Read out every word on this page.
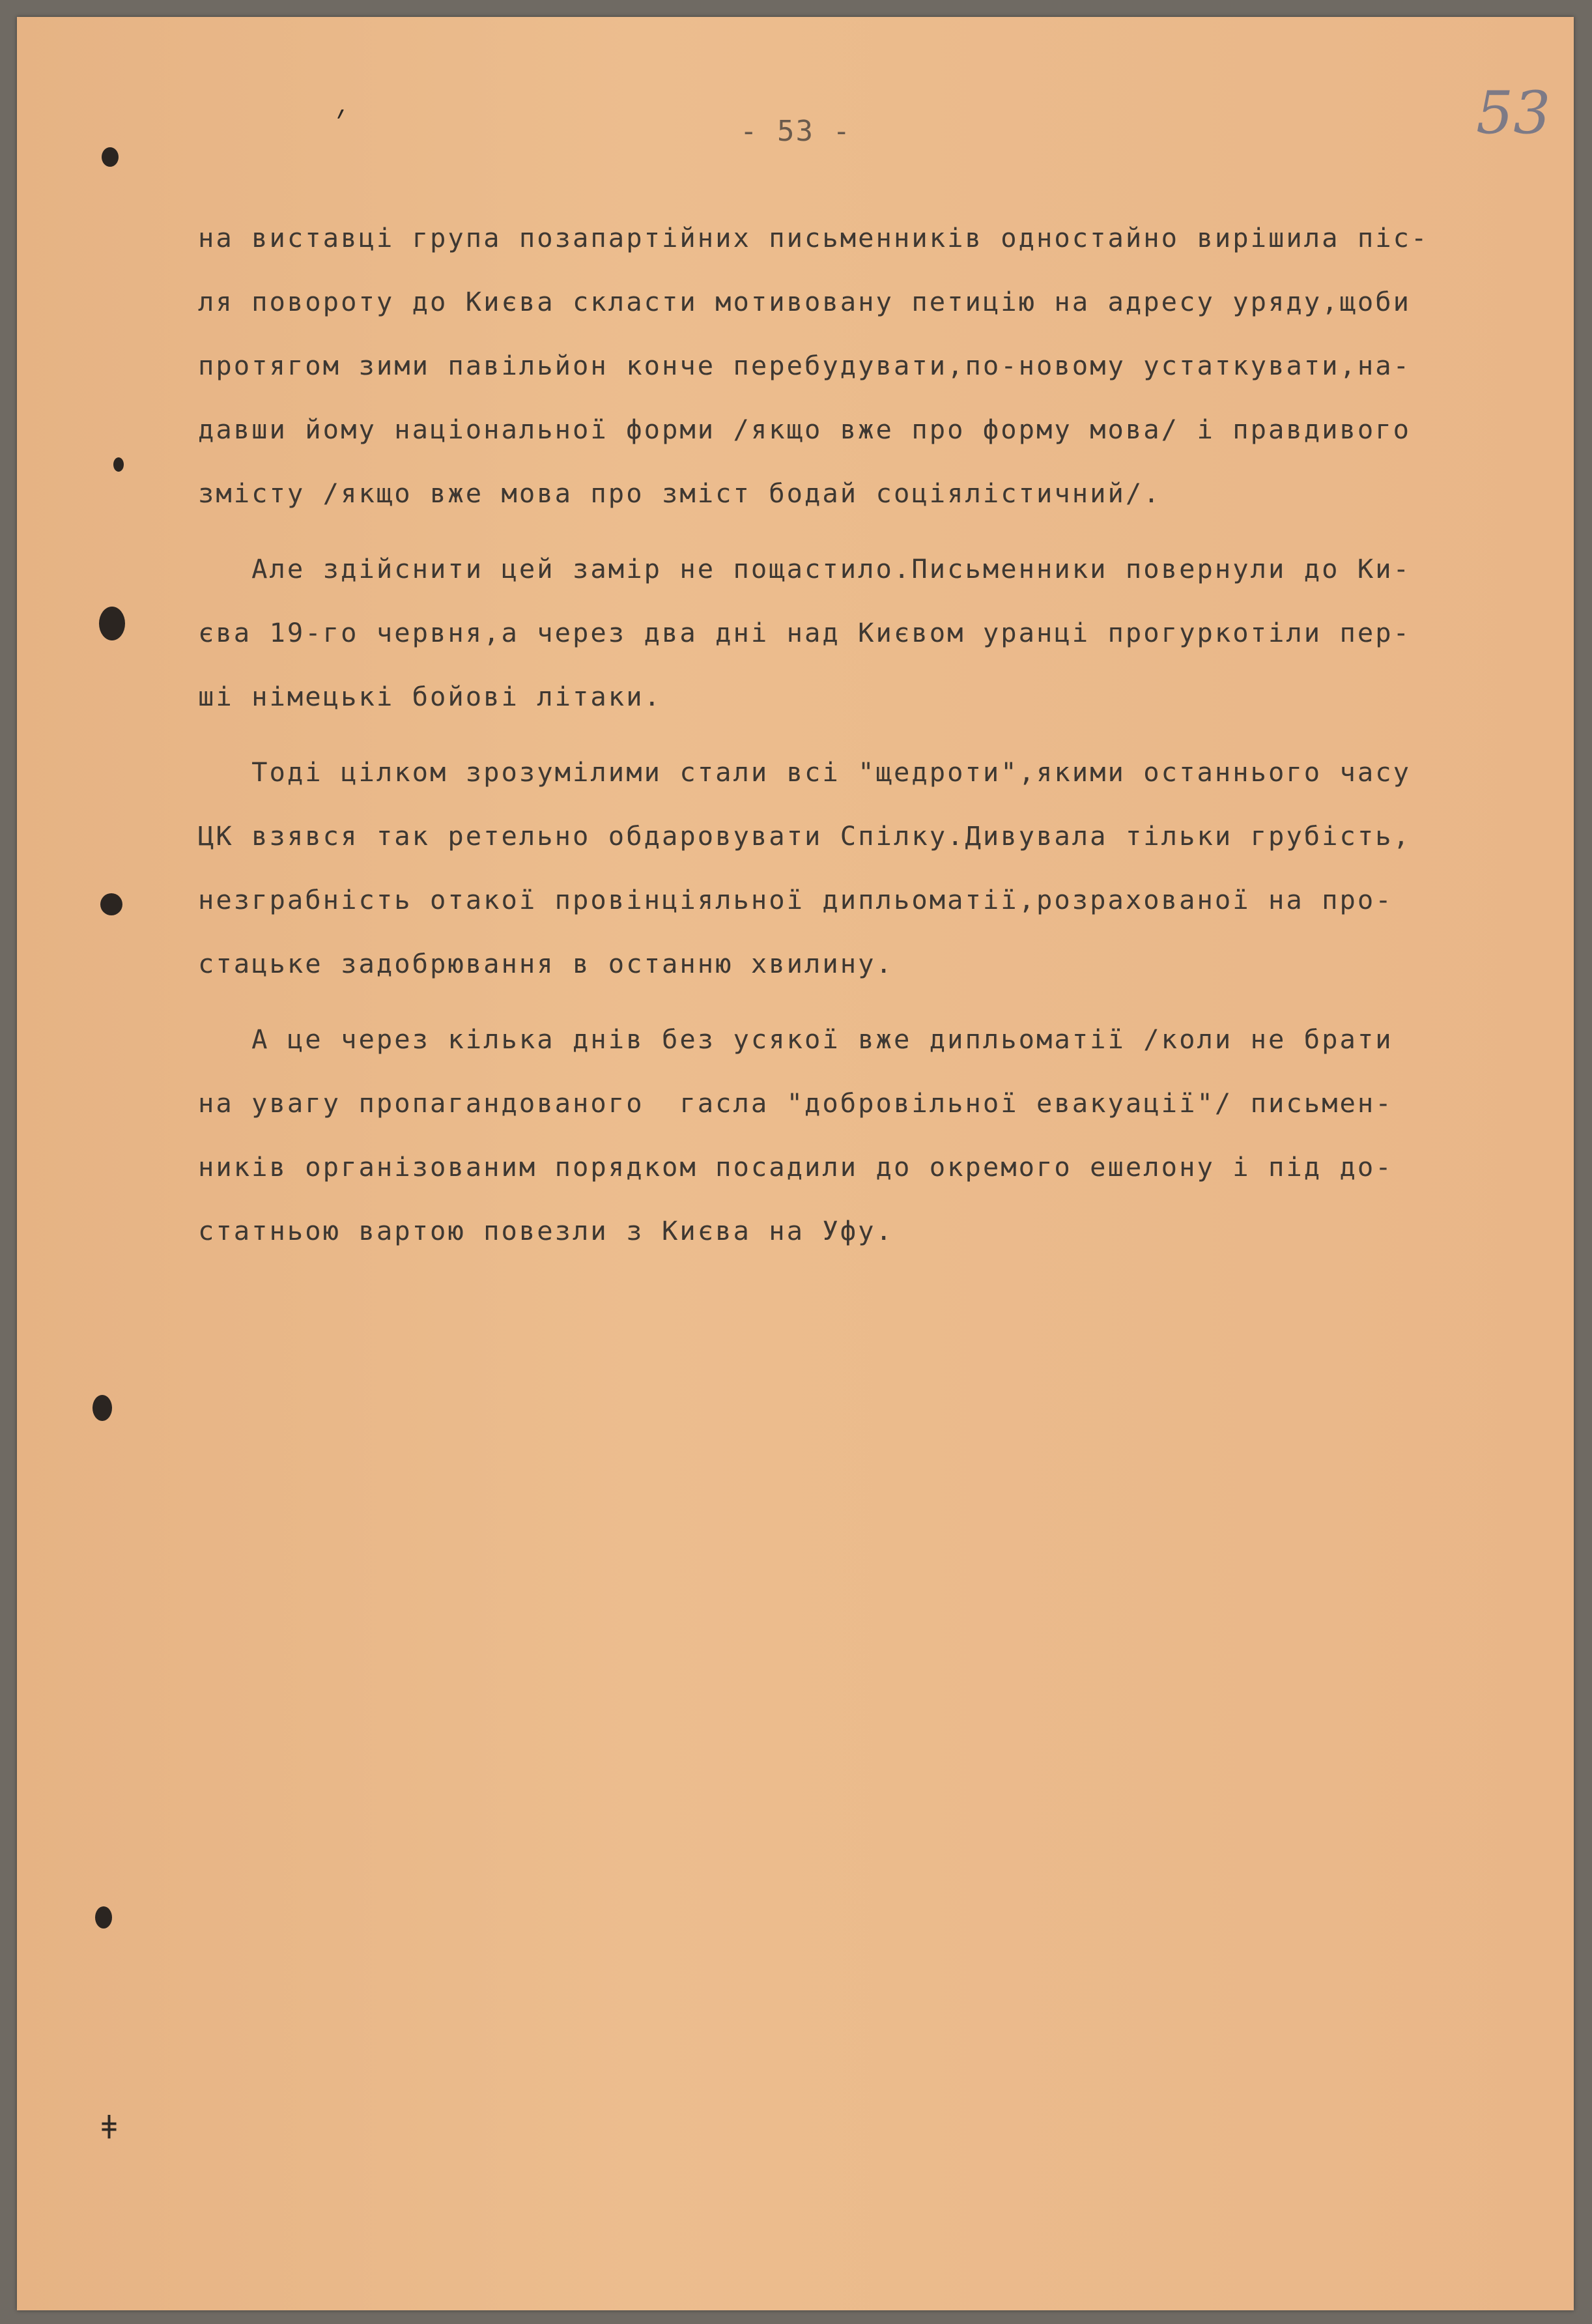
׳
ǂ
- 53 -	53
на виставці група позапартійних письменників одностайно вирішила піс-
ля повороту до Києва скласти мотивовану петицію на адресу уряду,щоби
протягом зими павільйон конче перебудувати,по-новому устаткувати,на-
давши йому національної форми /якщо вже про форму мова/ і правдивого
змісту /якщо вже мова про зміст бодай соціялістичний/.
Але здійснити цей замір не пощастило.Письменники повернули до Ки-
єва 19-го червня,а через два дні над Києвом уранці прогуркотіли пер-
ші німецькі бойові літаки.
Тоді цілком зрозумілими стали всі "щедроти",якими останнього часу
ЦК взявся так ретельно обдаровувати Спілку.Дивувала тільки грубість,
незграбність отакої провінціяльної дипльоматії,розрахованої на про-
стацьке задобрювання в останню хвилину.
А це через кілька днів без усякої вже дипльоматії /коли не брати
на увагу пропагандованого  гасла "добровільної евакуації"/ письмен-
ників організованим порядком посадили до окремого ешелону і під до-
статньою вартою повезли з Києва на Уфу.
